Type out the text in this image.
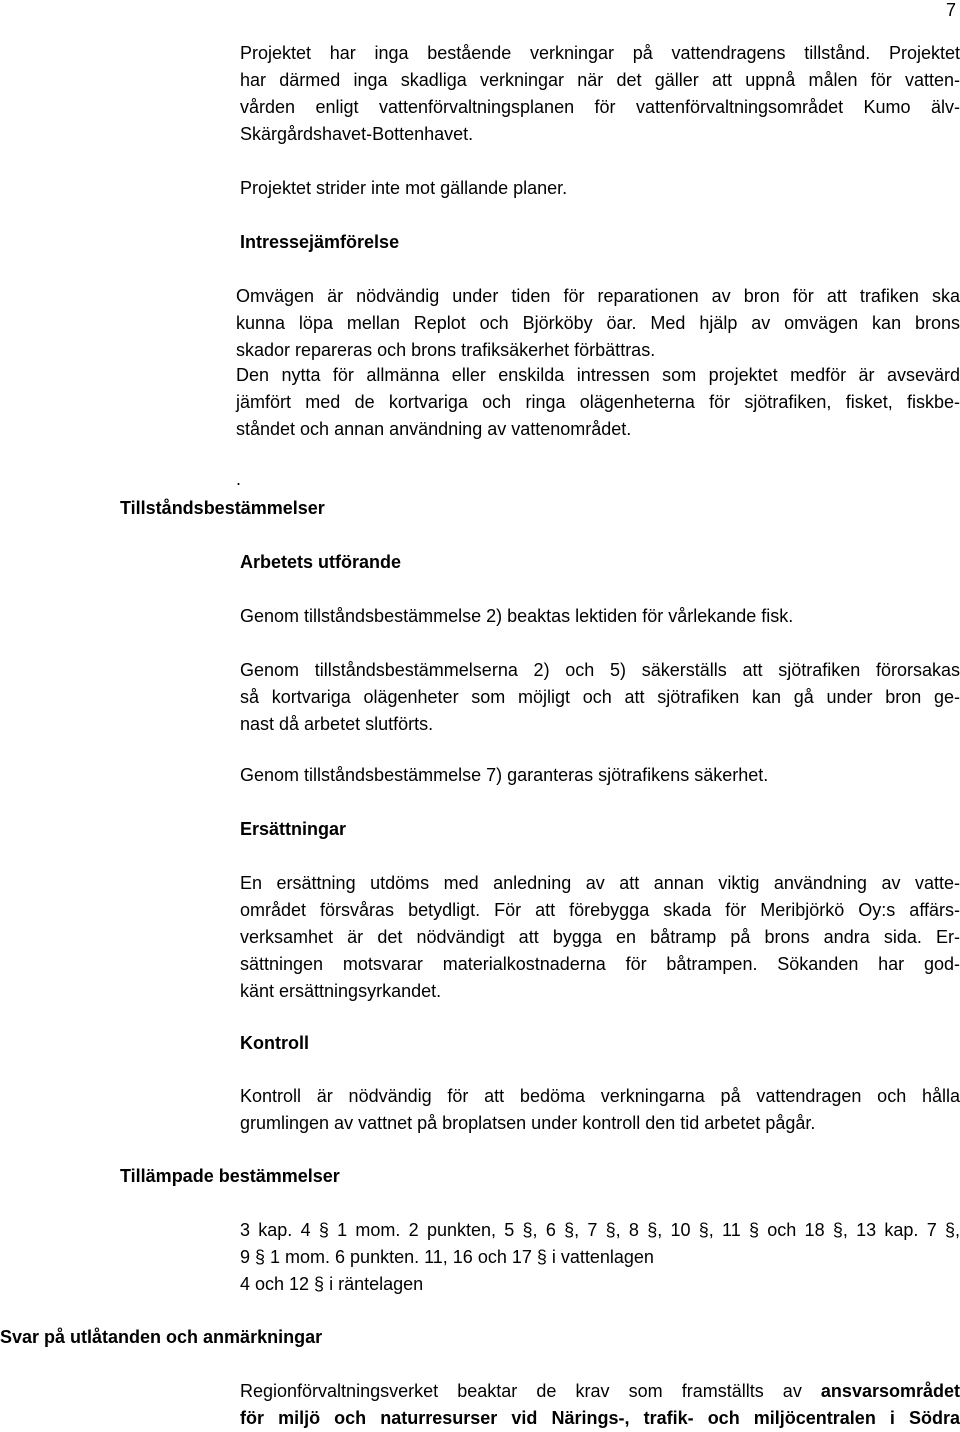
7
Projektet har inga bestående verkningar på vattendragens tillstånd. Projektet
har därmed inga skadliga verkningar när det gäller att uppnå målen för vatten-
vården enligt vattenförvaltningsplanen för vattenförvaltningsområdet Kumo älv-
Skärgårdshavet-Bottenhavet.
Projektet strider inte mot gällande planer.
Intressejämförelse
Omvägen är nödvändig under tiden för reparationen av bron för att trafiken ska
kunna löpa mellan Replot och Björköby öar. Med hjälp av omvägen kan brons
skador repareras och brons trafiksäkerhet förbättras.
Den nytta för allmänna eller enskilda intressen som projektet medför är avsevärd
jämfört med de kortvariga och ringa olägenheterna för sjötrafiken, fisket, fiskbe-
ståndet och annan användning av vattenområdet.
.
Tillståndsbestämmelser
Arbetets utförande
Genom tillståndsbestämmelse 2) beaktas lektiden för vårlekande fisk.
Genom tillståndsbestämmelserna 2) och 5) säkerställs att sjötrafiken förorsakas
så kortvariga olägenheter som möjligt och att sjötrafiken kan gå under bron ge-
nast då arbetet slutförts.
Genom tillståndsbestämmelse 7) garanteras sjötrafikens säkerhet.
Ersättningar
En ersättning utdöms med anledning av att annan viktig användning av vatte-
området försvåras betydligt. För att förebygga skada för Meribjörkö Oy:s affärs-
verksamhet är det nödvändigt att bygga en båtramp på brons andra sida. Er-
sättningen motsvarar materialkostnaderna för båtrampen. Sökanden har god-
känt ersättningsyrkandet.
Kontroll
Kontroll är nödvändig för att bedöma verkningarna på vattendragen och hålla
grumlingen av vattnet på broplatsen under kontroll den tid arbetet pågår.
Tillämpade bestämmelser
3 kap. 4 § 1 mom. 2 punkten, 5 §, 6 §, 7 §, 8 §, 10 §, 11 § och 18 §, 13 kap. 7 §,
9 § 1 mom. 6 punkten. 11, 16 och 17 § i vattenlagen
4 och 12 § i räntelagen
Svar på utlåtanden och anmärkningar
Regionförvaltningsverket beaktar de krav som framställts av ansvarsområdet
för miljö och naturresurser vid Närings-, trafik- och miljöcentralen i Södra
